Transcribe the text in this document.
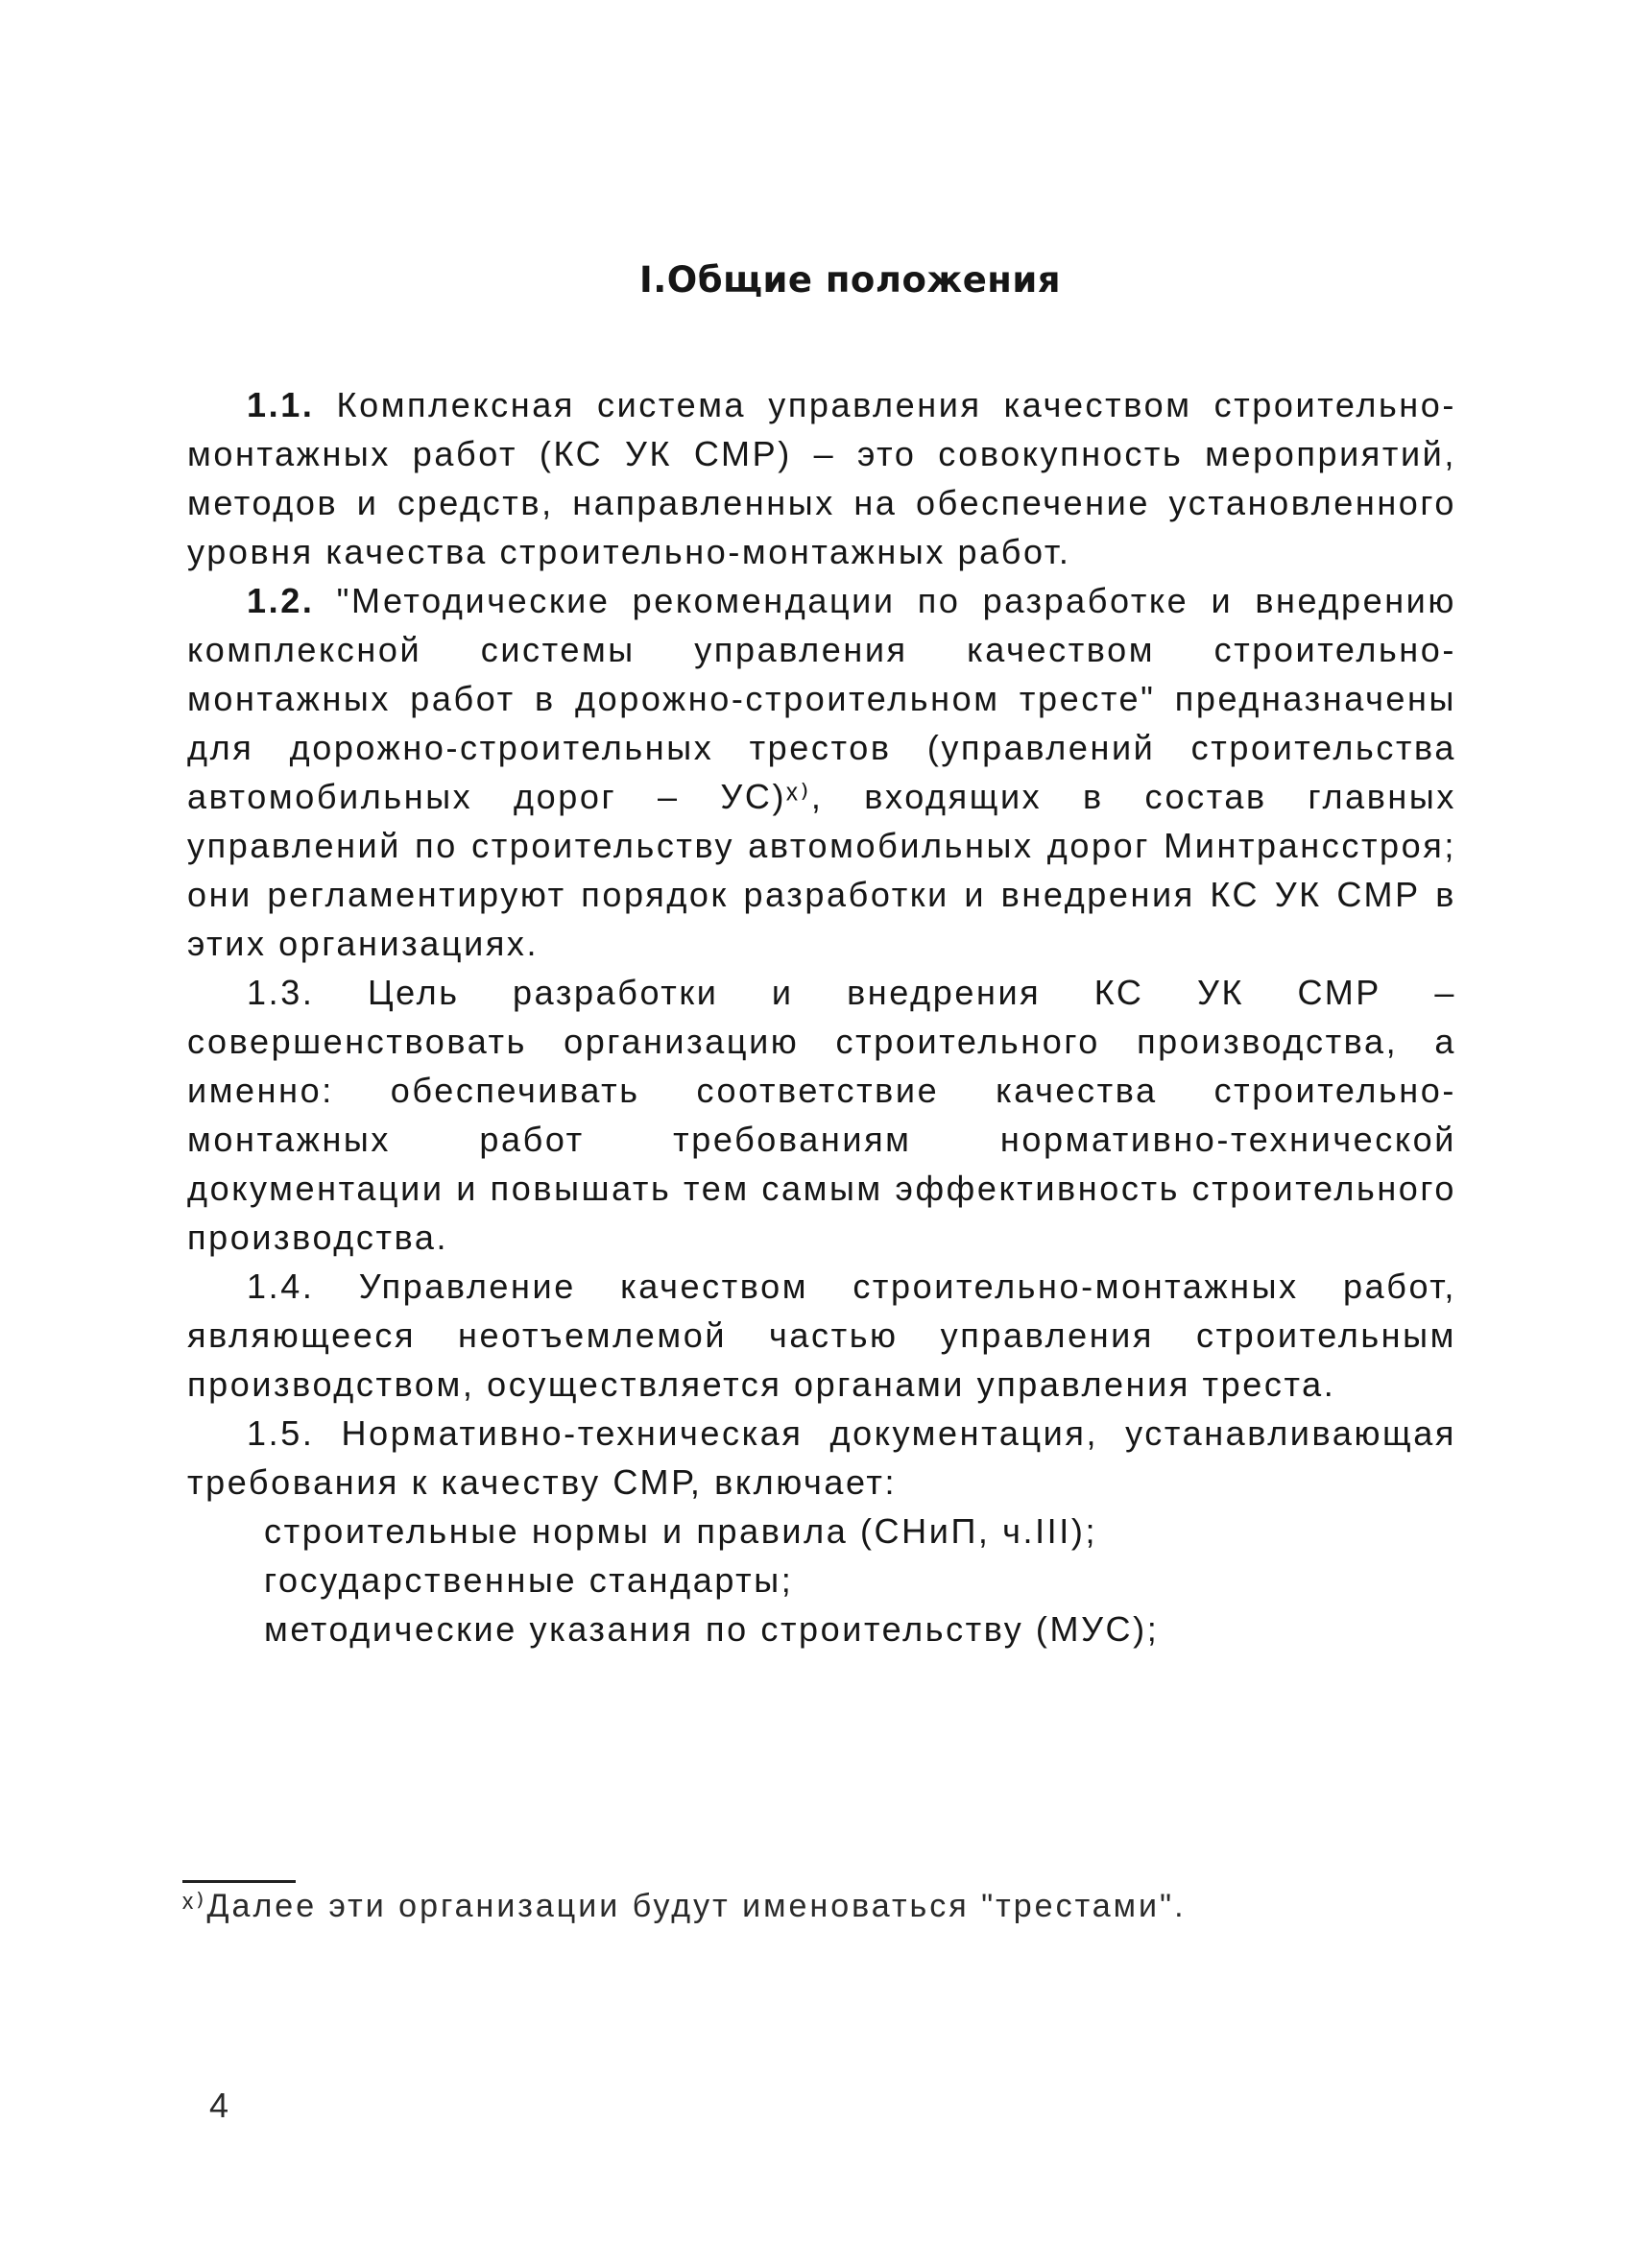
I.Общие положения

1.1. Комплексная система управления качеством строительно-монтажных работ (КС УК СМР) – это совокупность мероприятий, методов и средств, направленных на обеспечение установленного уровня качества строительно-монтажных работ.

1.2. "Методические рекомендации по разработке и внедрению комплексной системы управления качеством строительно-монтажных работ в дорожно-строительном тресте" предназначены для дорожно-строительных трестов (управлений строительства автомобильных дорог – УС)ˣ⁾, входящих в состав главных управлений по строительству автомобильных дорог Минтрансстроя; они регламентируют порядок разработки и внедрения КС УК СМР в этих организациях.

1.3. Цель разработки и внедрения КС УК СМР – совершенствовать организацию строительного производства, а именно: обеспечивать соответствие качества строительно-монтажных работ требованиям нормативно-технической документации и повышать тем самым эффективность строительного производства.

1.4. Управление качеством строительно-монтажных работ, являющееся неотъемлемой частью управления строительным производством, осуществляется органами управления треста.

1.5. Нормативно-техническая документация, устанавливающая требования к качеству СМР, включает:

строительные нормы и правила (СНиП, ч.III);
государственные стандарты;
методические указания по строительству (МУС);
ˣ⁾Далее эти организации будут именоваться "трестами".
4
